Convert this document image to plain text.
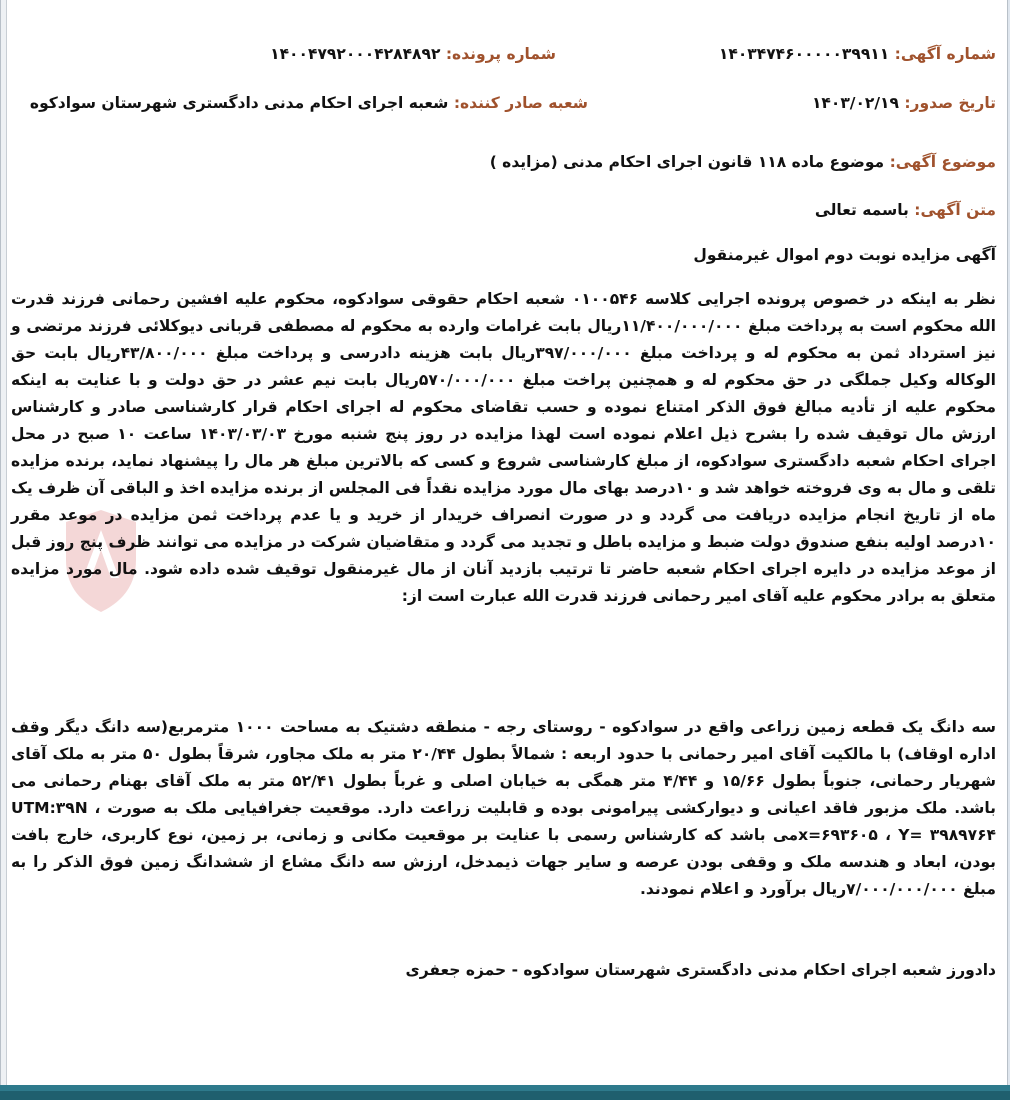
شماره آگهی: ۱۴۰۳۴۷۴۶۰۰۰۰۰۳۹۹۱۱
شماره پرونده: ۱۴۰۰۴۷۹۲۰۰۰۴۲۸۴۸۹۲
تاریخ صدور: ۱۴۰۳/۰۲/۱۹
شعبه صادر کننده: شعبه اجرای احکام مدنی دادگستری شهرستان سوادکوه
موضوع آگهی: موضوع ماده ۱۱۸ قانون اجرای احکام مدنی (مزایده )
متن آگهی: باسمه تعالی
آگهی مزایده نوبت دوم اموال غیرمنقول

نظر به اینکه در خصوص پرونده اجرایی کلاسه ۰۱۰۰۵۴۶ شعبه احکام حقوقی سوادکوه، محکوم علیه افشین رحمانی فرزند قدرت الله محکوم است به پرداخت مبلغ ۱۱/۴۰۰/۰۰۰/۰۰۰ریال بابت غرامات وارده به محکوم له مصطفی قربانی دیوکلائی فرزند مرتضی و نیز استرداد ثمن به محکوم له و پرداخت مبلغ ۳۹۷/۰۰۰/۰۰۰ریال بابت هزینه دادرسی و پرداخت مبلغ ۴۳/۸۰۰/۰۰۰ریال بابت حق الوکاله وکیل جملگی در حق محکوم له و همچنین پراخت مبلغ ۵۷۰/۰۰۰/۰۰۰ریال بابت نیم عشر در حق دولت و با عنایت به اینکه محکوم علیه از تأدیه مبالغ فوق الذکر امتناع نموده و حسب تقاضای محکوم له اجرای احکام قرار کارشناسی صادر و کارشناس ارزش مال توقیف شده را بشرح ذیل اعلام نموده است لهذا مزایده در روز پنج شنبه مورخ ۱۴۰۳/۰۳/۰۳ ساعت ۱۰ صبح در محل اجرای احکام شعبه دادگستری سوادکوه، از مبلغ کارشناسی شروع و کسی که بالاترین مبلغ هر مال را پیشنهاد نماید، برنده مزایده تلقی و مال به وی فروخته خواهد شد و ۱۰درصد بهای مال مورد مزایده نقداً فی المجلس از برنده مزایده اخذ و الباقی آن ظرف یک ماه از تاریخ انجام مزایده دریافت می گردد و در صورت انصراف خریدار از خرید و یا عدم پرداخت ثمن مزایده در موعد مقرر ۱۰درصد اولیه بنفع صندوق دولت ضبط و مزایده باطل و تجدید می گردد و متقاضیان شرکت در مزایده می توانند ظرف پنج روز قبل از موعد مزایده در دایره اجرای احکام شعبه حاضر تا ترتیب بازدید آنان از مال غیرمنقول توقیف شده داده شود. مال مورد مزایده متعلق به برادر محکوم علیه آقای امیر رحمانی فرزند قدرت الله عبارت است از:

سه دانگ یک قطعه زمین زراعی واقع در سوادکوه - روستای رجه - منطقه دشتیک به مساحت ۱۰۰۰ مترمربع(سه دانگ دیگر وقف اداره اوقاف) با مالکیت آقای امیر رحمانی با حدود اربعه : شمالاً بطول ۲۰/۴۴ متر به ملک مجاور، شرقاً بطول ۵۰ متر به ملک آقای شهریار رحمانی، جنوباً بطول ۱۵/۶۶ و ۴/۴۴ متر همگی به خیابان اصلی و غرباً بطول ۵۲/۴۱ متر به ملک آقای بهنام رحمانی می باشد. ملک مزبور فاقد اعیانی و دیوارکشی پیرامونی بوده و قابلیت زراعت دارد. موقعیت جغرافیایی ملک به صورت UTM:۳۹N ، x=۶۹۳۶۰۵ ، Y= ۳۹۸۹۷۶۴می باشد که کارشناس رسمی با عنایت بر موقعیت مکانی و زمانی، بر زمین، نوع کاربری، خارج بافت بودن، ابعاد و هندسه ملک و وقفی بودن عرصه و سایر جهات ذیمدخل، ارزش سه دانگ مشاع از ششدانگ زمین فوق الذکر را به مبلغ ۷/۰۰۰/۰۰۰/۰۰۰ریال برآورد و اعلام نمودند.

دادورز شعبه اجرای احکام مدنی دادگستری شهرستان سوادکوه - حمزه جعفری
